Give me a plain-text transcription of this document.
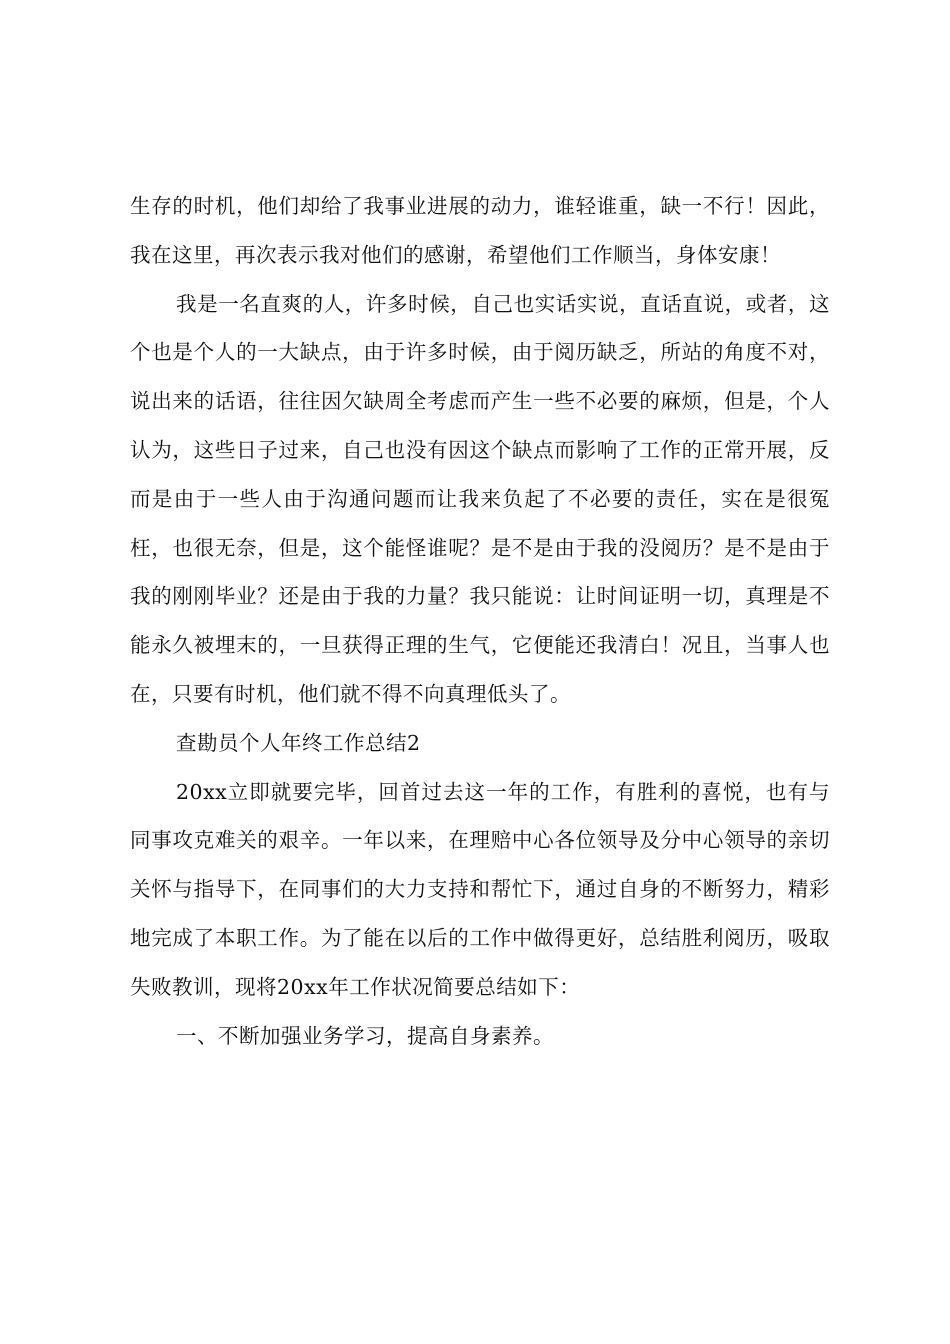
生存的时机，他们却给了我事业进展的动力，谁轻谁重，缺一不行！因此，我在这里，再次表示我对他们的感谢，希望他们工作顺当，身体安康！

我是一名直爽的人，许多时候，自己也实话实说，直话直说，或者，这个也是个人的一大缺点，由于许多时候，由于阅历缺乏，所站的角度不对，说出来的话语，往往因欠缺周全考虑而产生一些不必要的麻烦，但是，个人认为，这些日子过来，自己也没有因这个缺点而影响了工作的正常开展，反而是由于一些人由于沟通问题而让我来负起了不必要的责任，实在是很冤枉，也很无奈，但是，这个能怪谁呢？是不是由于我的没阅历？是不是由于我的刚刚毕业？还是由于我的力量？我只能说：让时间证明一切，真理是不能永久被埋末的，一旦获得正理的生气，它便能还我清白！况且，当事人也在，只要有时机，他们就不得不向真理低头了。

查勘员个人年终工作总结2

20xx立即就要完毕，回首过去这一年的工作，有胜利的喜悦，也有与同事攻克难关的艰辛。一年以来，在理赔中心各位领导及分中心领导的亲切关怀与指导下，在同事们的大力支持和帮忙下，通过自身的不断努力，精彩地完成了本职工作。为了能在以后的工作中做得更好，总结胜利阅历，吸取失败教训，现将20xx年工作状况简要总结如下：

一、不断加强业务学习，提高自身素养。
